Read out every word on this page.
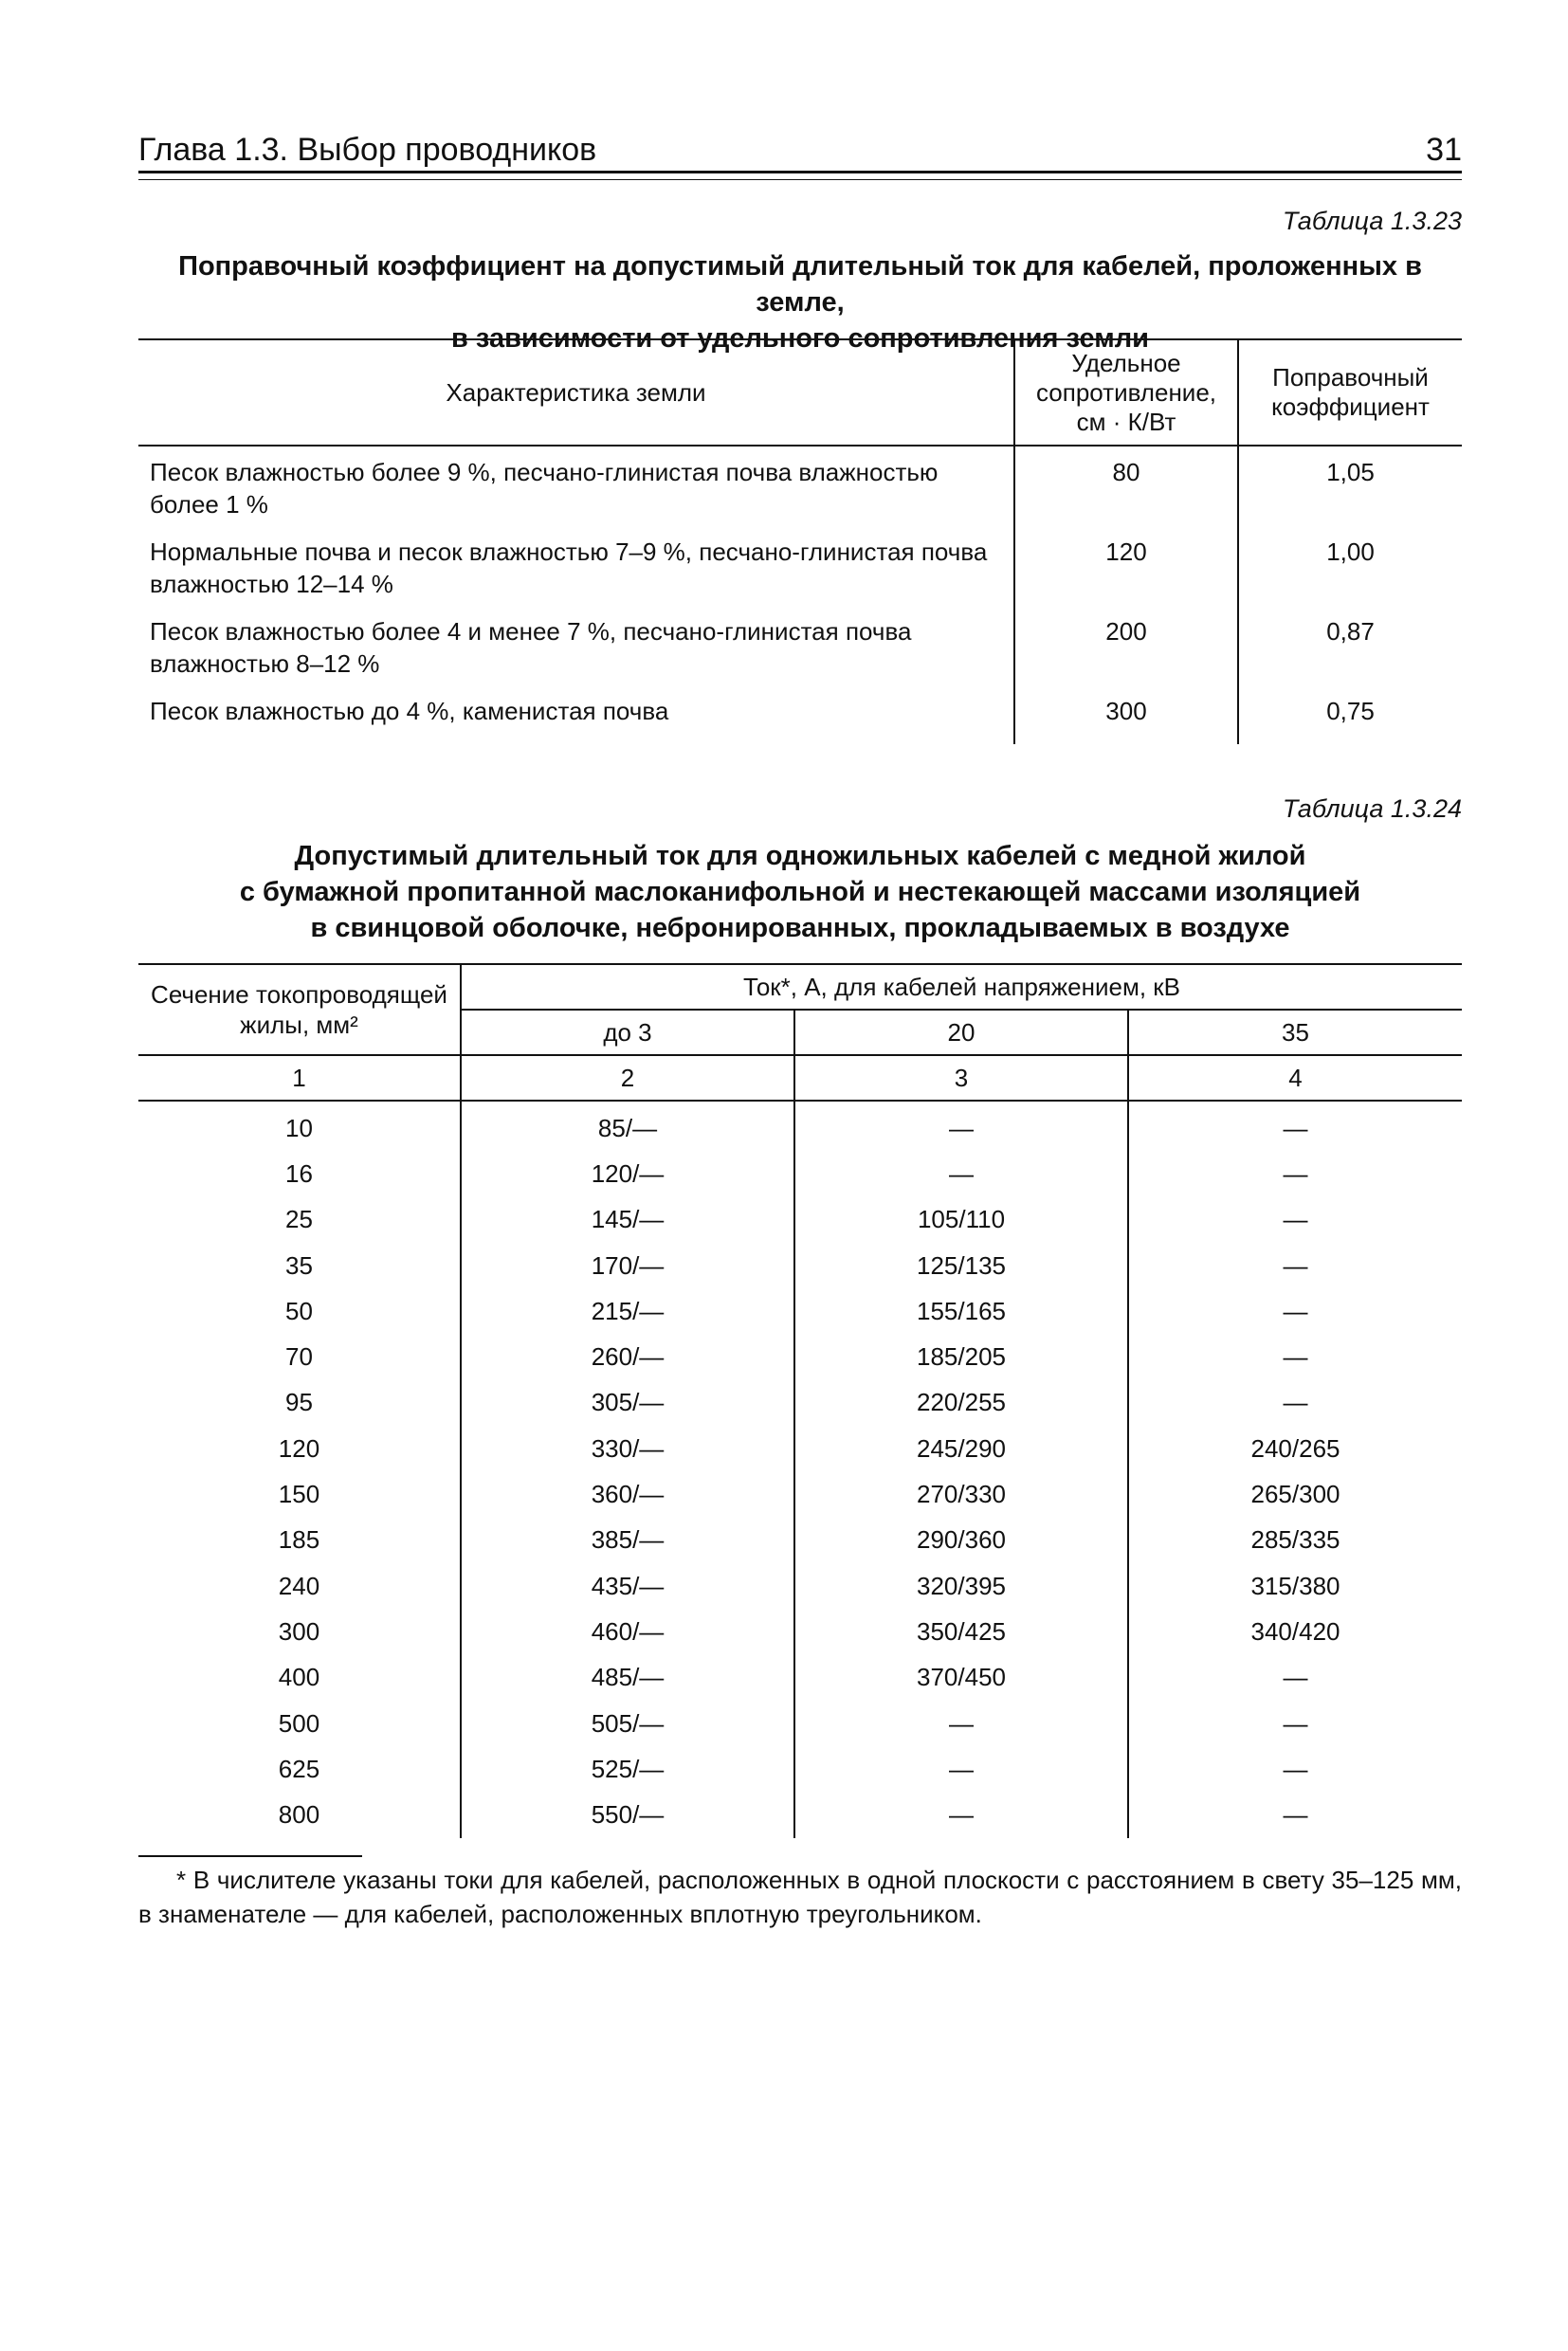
Глава 1.3. Выбор проводников	31
Таблица 1.3.23
Поправочный коэффициент на допустимый длительный ток для кабелей, проложенных в земле,
в зависимости от удельного сопротивления земли
Характеристика земли	Удельное сопротивление, см · К/Вт	Поправочный коэффициент
Песок влажностью более 9 %, песчано-глинистая почва влажностью более 1 %	80	1,05
Нормальные почва и песок влажностью 7–9 %, песчано-глинистая почва влажностью 12–14 %	120	1,00
Песок влажностью более 4 и менее 7 %, песчано-глинистая почва влажностью 8–12 %	200	0,87
Песок влажностью до 4 %, каменистая почва	300	0,75
Таблица 1.3.24
Допустимый длительный ток для одножильных кабелей с медной жилой
с бумажной пропитанной маслоканифольной и нестекающей массами изоляцией
в свинцовой оболочке, небронированных, прокладываемых в воздухе
Сечение токопроводящей жилы, мм²	Ток*, А, для кабелей напряжением, кВ		
	до 3	20	35
1	2	3	4
10	85/—	—	—
16	120/—	—	—
25	145/—	105/110	—
35	170/—	125/135	—
50	215/—	155/165	—
70	260/—	185/205	—
95	305/—	220/255	—
120	330/—	245/290	240/265
150	360/—	270/330	265/300
185	385/—	290/360	285/335
240	435/—	320/395	315/380
300	460/—	350/425	340/420
400	485/—	370/450	—
500	505/—	—	—
625	525/—	—	—
800	550/—	—	—
* В числителе указаны токи для кабелей, расположенных в одной плоскости с расстоянием в свету 35–125 мм, в знаменателе — для кабелей, расположенных вплотную треугольником.
